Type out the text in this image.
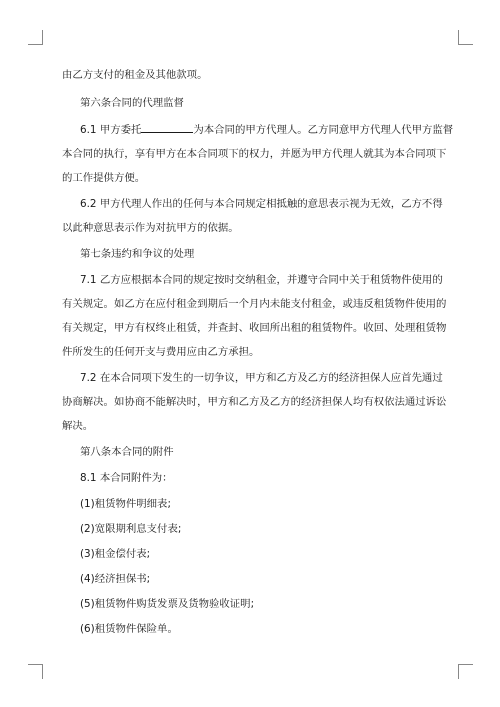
由乙方支付的租金及其他款项。
第六条合同的代理监督
6.1 甲方委托	为本合同的甲方代理人。乙方同意甲方代理人代甲方监督
本合同的执行，享有甲方在本合同项下的权力，并愿为甲方代理人就其为本合同项下
的工作提供方便。
6.2 甲方代理人作出的任何与本合同规定相抵触的意思表示视为无效，乙方不得
以此种意思表示作为对抗甲方的依据。
第七条违约和争议的处理
7.1 乙方应根据本合同的规定按时交纳租金，并遵守合同中关于租赁物件使用的
有关规定。如乙方在应付租金到期后一个月内未能支付租金，或违反租赁物件使用的
有关规定，甲方有权终止租赁，并查封、收回所出租的租赁物件。收回、处理租赁物
件所发生的任何开支与费用应由乙方承担。
7.2 在本合同项下发生的一切争议，甲方和乙方及乙方的经济担保人应首先通过
协商解决。如协商不能解决时，甲方和乙方及乙方的经济担保人均有权依法通过诉讼
解决。
第八条本合同的附件
8.1 本合同附件为：
(1)租赁物件明细表;
(2)宽限期利息支付表;
(3)租金偿付表;
(4)经济担保书;
(5)租赁物件购货发票及货物验收证明;
(6)租赁物件保险单。
